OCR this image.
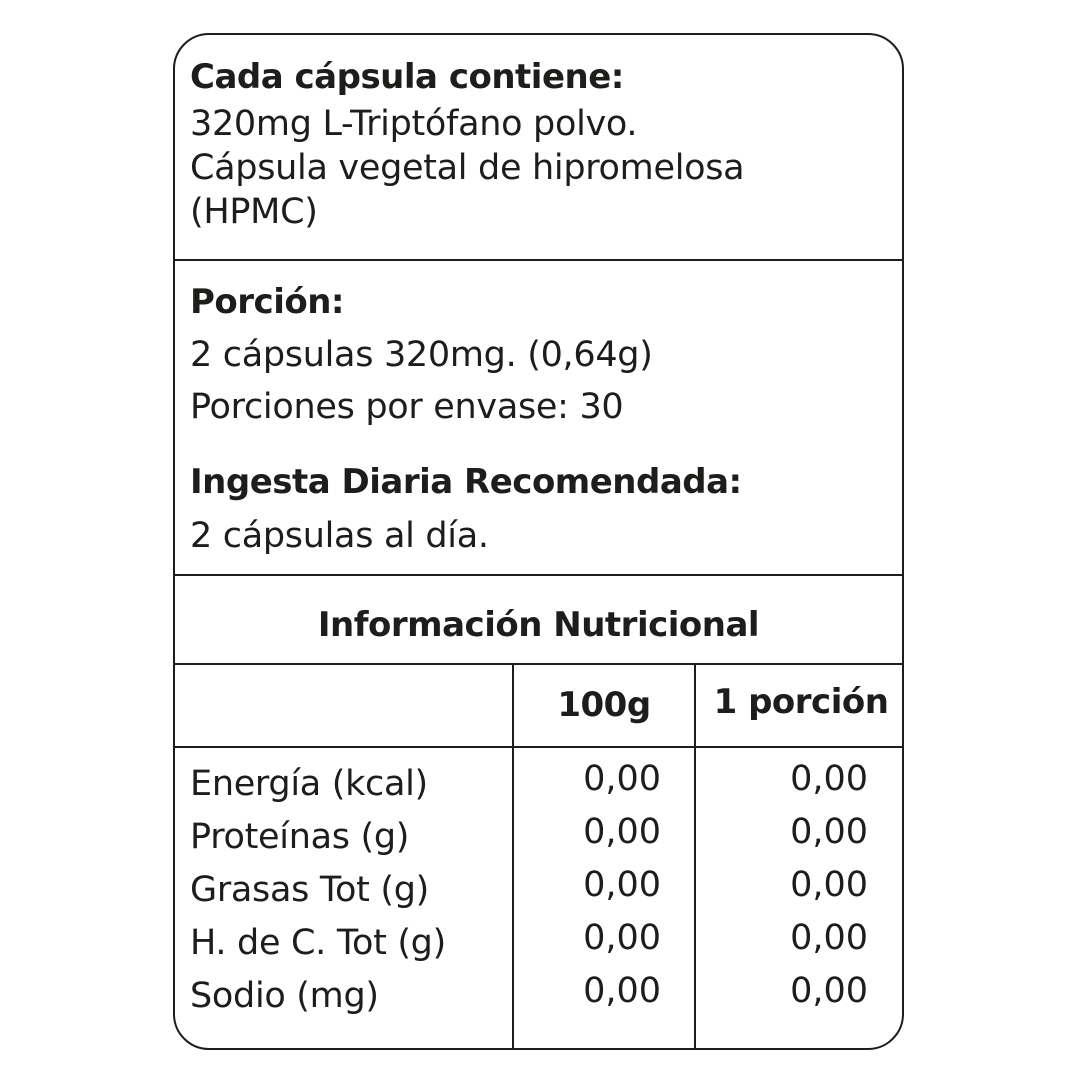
Cada cápsula contiene:
320mg L-Triptófano polvo.
Cápsula vegetal de hipromelosa
(HPMC)
Porción:
2 cápsulas 320mg. (0,64g)
Porciones por envase: 30
Ingesta Diaria Recomendada:
2 cápsulas al día.
Información Nutricional
100g	1 porción
Energía (kcal)
Proteínas (g)
Grasas Tot (g)
H. de C. Tot (g)
Sodio (mg)
0,00
0,00
0,00
0,00
0,00
0,00
0,00
0,00
0,00
0,00
